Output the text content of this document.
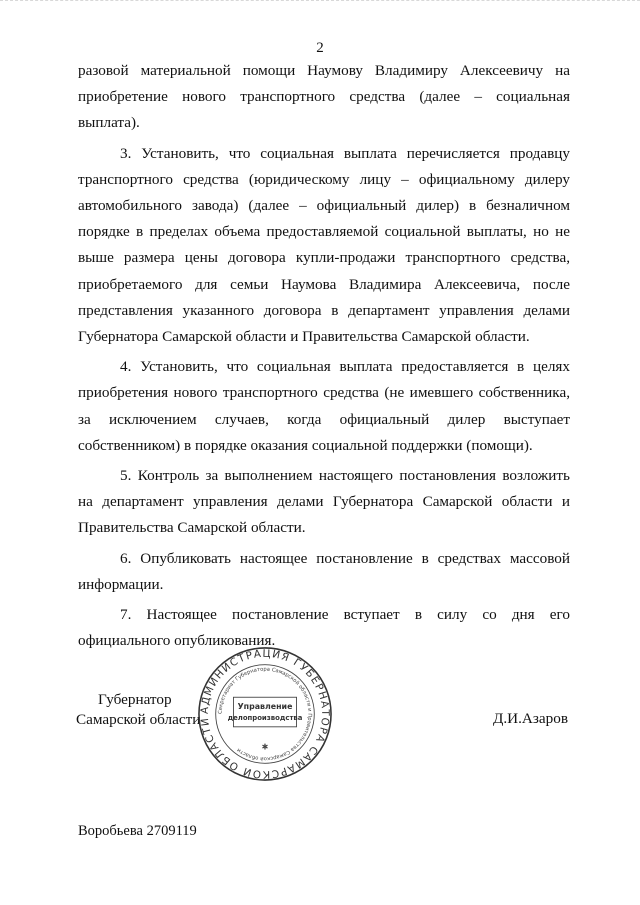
2

разовой материальной помощи Наумову Владимиру Алексеевичу на приобретение нового транспортного средства (далее – социальная выплата).

3. Установить, что социальная выплата перечисляется продавцу транспортного средства (юридическому лицу – официальному дилеру автомобильного завода) (далее – официальный дилер) в безналичном порядке в пределах объема предоставляемой социальной выплаты, но не выше размера цены договора купли-продажи транспортного средства, приобретаемого для семьи Наумова Владимира Алексеевича, после представления указанного договора в департамент управления делами Губернатора Самарской области и Правительства Самарской области.

4. Установить, что социальная выплата предоставляется в целях приобретения нового транспортного средства (не имевшего собственника, за исключением случаев, когда официальный дилер выступает собственником) в порядке оказания социальной поддержки (помощи).

5. Контроль за выполнением настоящего постановления возложить на департамент управления делами Губернатора Самарской области и Правительства Самарской области.

6. Опубликовать настоящее постановление в средствах массовой информации.

7. Настоящее постановление вступает в силу со дня его официального опубликования.

Губернатор
Самарской области
АДМИНИСТРАЦИЯ ГУБЕРНАТОРА САМАРСКОЙ ОБЛАСТИ
Секретариат Губернатора Самарской области и Правительства Самарской области
Управление
делопроизводства
✱
Д.И.Азаров
Воробьева 2709119
